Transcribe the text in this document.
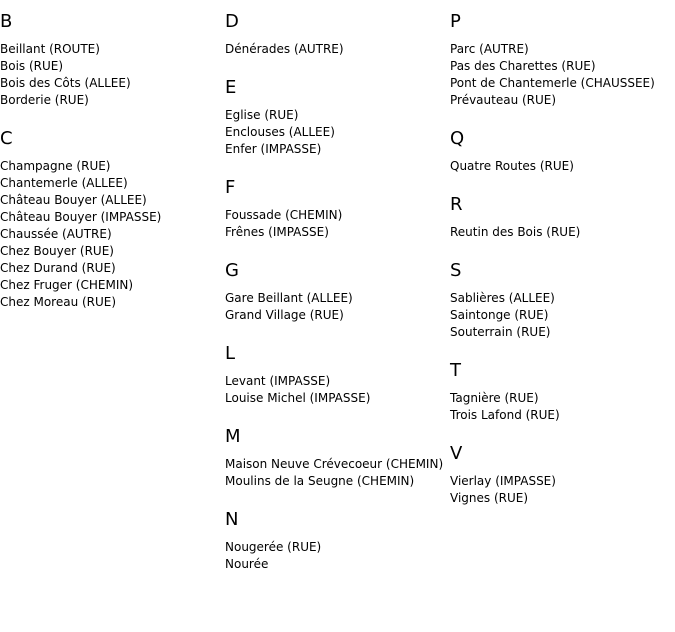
B
Beillant (ROUTE)
Bois (RUE)
Bois des Côts (ALLEE)
Borderie (RUE)
C
Champagne (RUE)
Chantemerle (ALLEE)
Château Bouyer (ALLEE)
Château Bouyer (IMPASSE)
Chaussée (AUTRE)
Chez Bouyer (RUE)
Chez Durand (RUE)
Chez Fruger (CHEMIN)
Chez Moreau (RUE)
D
Dénérades (AUTRE)
E
Eglise (RUE)
Enclouses (ALLEE)
Enfer (IMPASSE)
F
Foussade (CHEMIN)
Frênes (IMPASSE)
G
Gare Beillant (ALLEE)
Grand Village (RUE)
L
Levant (IMPASSE)
Louise Michel (IMPASSE)
M
Maison Neuve Crévecoeur (CHEMIN)
Moulins de la Seugne (CHEMIN)
N
Nougerée (RUE)
Nourée
P
Parc (AUTRE)
Pas des Charettes (RUE)
Pont de Chantemerle (CHAUSSEE)
Prévauteau (RUE)
Q
Quatre Routes (RUE)
R
Reutin des Bois (RUE)
S
Sablières (ALLEE)
Saintonge (RUE)
Souterrain (RUE)
T
Tagnière (RUE)
Trois Lafond (RUE)
V
Vierlay (IMPASSE)
Vignes (RUE)
